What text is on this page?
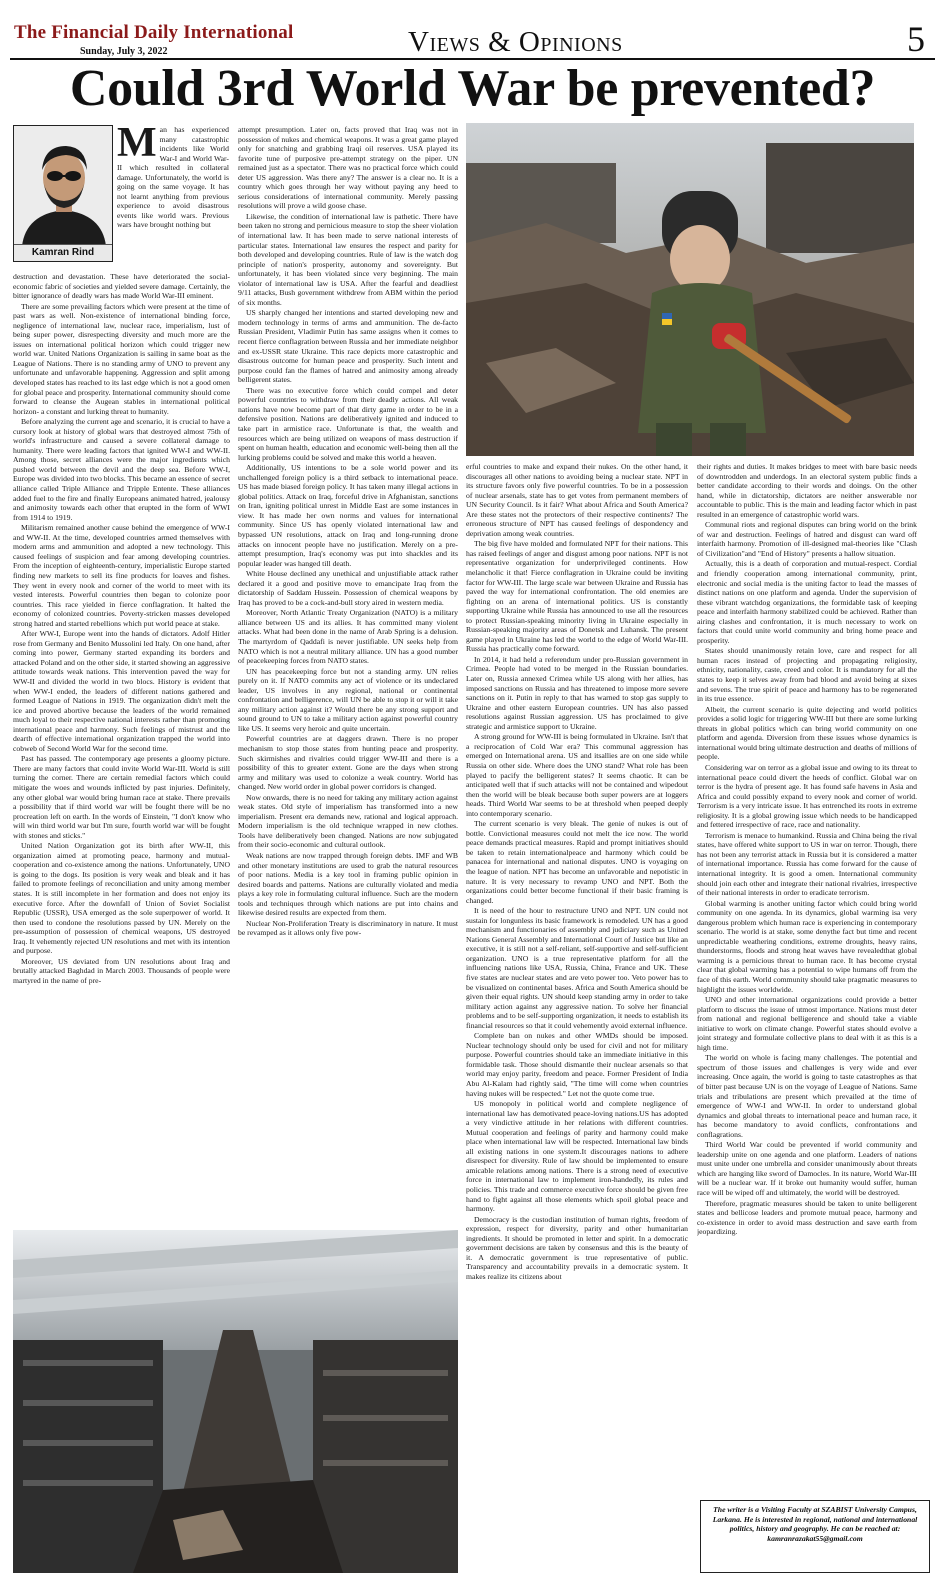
The Financial Daily International
Sunday, July 3, 2022	Views & Opinions	5
Could 3rd World War be prevented?
Kamran Rind
Man has experienced many catastrophic incidents like World War-I and World War-II which resulted in collateral damage. Unfortunately, the world is going on the same voyage. It has not learnt anything from previous experience to avoid disastrous events like world wars. Previous wars have brought nothing but

destruction and devastation. These have deteriorated the social-economic fabric of societies and yielded severe damage. Certainly, the bitter ignorance of deadly wars has made World War-III eminent.

There are some prevailing factors which were present at the time of past wars as well. Non-existence of international binding force, negligence of international law, nuclear race, imperialism, lust of being super power, disrespecting diversity and much more are the issues on international political horizon which could trigger new world war. United Nations Organization is sailing in same boat as the League of Nations. There is no standing army of UNO to prevent any unfortunate and unfavorable happening. Aggression and split among developed states has reached to its last edge which is not a good omen for global peace and prosperity. International community should come forward to cleanse the Augean stables in international political horizon- a constant and lurking threat to humanity.

Before analyzing the current age and scenario, it is crucial to have a cursory look at history of global wars that destroyed almost 75th of world's infrastructure and caused a severe collateral damage to humanity. There were leading factors that ignited WW-I and WW-II. Among those, secret alliances were the major ingredients which pushed world between the devil and the deep sea. Before WW-I, Europe was divided into two blocks. This became an essence of secret alliance called Triple Alliance and Tripple Entente. These alliances added fuel to the fire and finally Europeans animated hatred, jealousy and animosity towards each other that erupted in the form of WWI from 1914 to 1919.

Militarism remained another cause behind the emergence of WW-I and WW-II. At the time, developed countries armed themselves with modern arms and ammunition and adopted a new technology. This caused feelings of suspicion and fear among developing countries. From the inception of eighteenth-century, imperialistic Europe started finding new markets to sell its fine products for loaves and fishes. They went in every nook and corner of the world to meet with its vested interests. Powerful countries then began to colonize poor countries. This race yielded in fierce conflagration. It halted the economy of colonized countries. Poverty-stricken masses developed strong hatred and started rebellions which put world peace at stake.

After WW-I, Europe went into the hands of dictators. Adolf Hitler rose from Germany and Benito Mussolini led Italy. On one hand, after coming into power, Germany started expanding its borders and attacked Poland and on the other side, it started showing an aggressive attitude towards weak nations. This intervention paved the way for WW-II and divided the world in two blocs. History is evident that when WW-I ended, the leaders of different nations gathered and formed League of Nations in 1919. The organization didn't melt the ice and proved abortive because the leaders of the world remained much loyal to their respective national interests rather than promoting international peace and harmony. Such feelings of mistrust and the dearth of effective international organization trapped the world into cobweb of Second World War for the second time.

Past has passed. The contemporary age presents a gloomy picture. There are many factors that could invite World War-III. World is still turning the corner. There are certain remedial factors which could mitigate the woes and wounds inflicted by past injuries. Definitely, any other global war would bring human race at stake. There prevails a possibility that if third world war will be fought there will be no procreation left on earth. In the words of Einstein, "I don't know who will win third world war but I'm sure, fourth world war will be fought with stones and sticks."

United Nation Organization got its birth after WW-II, this organization aimed at promoting peace, harmony and mutual-cooperation and co-existence among the nations. Unfortunately, UNO is going to the dogs. Its position is very weak and bleak and it has failed to promote feelings of reconciliation and unity among member states. It is still incomplete in her formation and does not enjoy its executive force. After the downfall of Union of Soviet Socialist Republic (USSR), USA emerged as the sole superpower of world. It then used to condone the resolutions passed by UN. Merely on the pre-assumption of possession of chemical weapons, US destroyed Iraq. It vehemently rejected UN resolutions and met with its intention and purpose.

Moreover, US deviated from UN resolutions about Iraq and brutally attacked Baghdad in March 2003. Thousands of people were martyred in the name of pre-

attempt presumption. Later on, facts proved that Iraq was not in possession of nukes and chemical weapons. It was a great game played only for snatching and grabbing Iraqi oil reserves. USA played its favorite tune of purposive pre-attempt strategy on the piper. UN remained just as a spectator. There was no practical force which could deter US aggression. Was there any? The answer is a clear no. It is a country which goes through her way without paying any heed to serious considerations of international community. Merely passing resolutions will prove a wild goose chase.

Likewise, the condition of international law is pathetic. There have been taken no strong and pernicious measure to stop the sheer violation of international law. It has been made to serve national interests of particular states. International law ensures the respect and parity for both developed and developing countries. Rule of law is the watch dog principle of nation's prosperity, autonomy and sovereignty. But unfortunately, it has been violated since very beginning. The main violator of international law is USA. After the fearful and deadliest 9/11 attacks, Bush government withdrew from ABM within the period of six months.

US sharply changed her intentions and started developing new and modern technology in terms of arms and ammunition. The de-facto Russian President, Vladimir Putin has same assigns when it comes to recent fierce conflagration between Russia and her immediate neighbor and ex-USSR state Ukraine. This race depicts more catastrophic and disastrous outcome for human peace and prosperity. Such intent and purpose could fan the flames of hatred and animosity among already belligerent states.

There was no executive force which could compel and deter powerful countries to withdraw from their deadly actions. All weak nations have now become part of that dirty game in order to be in a defensive position. Nations are deliberatively ignited and induced to take part in armistice race. Unfortunate is that, the wealth and resources which are being utilized on weapons of mass destruction if spent on human health, education and economic well-being then all the lurking problems could be solved and make this world a heaven.

Additionally, US intentions to be a sole world power and its unchallenged foreign policy is a third setback to international peace. US has made biased foreign policy. It has taken many illegal actions in global politics. Attack on Iraq, forceful drive in Afghanistan, sanctions on Iran, igniting political unrest in Middle East are some instances in view. It has made her own norms and values for international community. Since US has openly violated international law and bypassed UN resolutions, attack on Iraq and long-running drone attacks on innocent people have no justification. Merely on a pre-attempt presumption, Iraq's economy was put into shackles and its popular leader was hanged till death.

White House declined any unethical and unjustifiable attack rather declared it a good and positive move to emancipate Iraq from the dictatorship of Saddam Hussein. Possession of chemical weapons by Iraq has proved to be a cock-and-bull story aired in western media.

Moreover, North Atlantic Treaty Organization (NATO) is a military alliance between US and its allies. It has committed many violent attacks. What had been done in the name of Arab Spring is a delusion. The martyrdom of Qaddafi is never justifiable. UN seeks help from NATO which is not a neutral military alliance. UN has a good number of peacekeeping forces from NATO states.

UN has peacekeeping force but not a standing army. UN relies purely on it. If NATO commits any act of violence or its undeclared leader, US involves in any regional, national or continental confrontation and belligerence, will UN be able to stop it or will it take any military action against it? Would there be any strong support and sound ground to UN to take a military action against powerful country like US. It seems very heroic and quite uncertain.

Powerful countries are at daggers drawn. There is no proper mechanism to stop those states from hunting peace and prosperity. Such skirmishes and rivalries could trigger WW-III and there is a possibility of this to greater extent. Gone are the days when strong army and military was used to colonize a weak country. World has changed. New world order in global power corridors is changed.

Now onwards, there is no need for taking any military action against weak states. Old style of imperialism has transformed into a new imperialism. Present era demands new, rational and logical approach. Modern imperialism is the old technique wrapped in new clothes. Tools have deliberatively been changed. Nations are now subjugated from their socio-economic and cultural outlook.

Weak nations are now trapped through foreign debts. IMF and WB and other monetary institutions are used to grab the natural resources of poor nations. Media is a key tool in framing public opinion in desired boards and patterns. Nations are culturally violated and media plays a key role in formulating cultural influence. Such are the modern tools and techniques through which nations are put into chains and likewise desired results are expected from them.

Nuclear Non-Proliferation Treaty is discriminatory in nature. It must be revamped as it allows only five pow-

erful countries to make and expand their nukes. On the other hand, it discourages all other nations to avoiding being a nuclear state. NPT in its structure favors only five powerful countries. To be in a possession of nuclear arsenals, state has to get votes from permanent members of UN Security Council. Is it fair? What about Africa and South America? Are these states not the protectors of their respective continents? The erroneous structure of NPT has caused feelings of despondency and deprivation among weak countries.

The big five have molded and formulated NPT for their nations. This has raised feelings of anger and disgust among poor nations. NPT is not representative organization for underprivileged continents. How melancholic it that! Fierce conflagration in Ukraine could be inviting factor for WW-III. The large scale war between Ukraine and Russia has paved the way for international confrontation. The old enemies are fighting on an arena of international politics. US is constantly supporting Ukraine while Russia has announced to use all the resources to protect Russian-speaking minority living in Ukraine especially in Russian-speaking majority areas of Donetsk and Luhansk. The present game played in Ukraine has led the world to the edge of World War-III. Russia has practically come forward.

In 2014, it had held a referendum under pro-Russian government in Crimea. People had voted to be merged in the Russian boundaries. Later on, Russia annexed Crimea while US along with her allies, has imposed sanctions on Russia and has threatened to impose more severe sanctions on it. Putin in reply to that has warned to stop gas supply to Ukraine and other eastern European countries. UN has also passed resolutions against Russian aggression. US has proclaimed to give strategic and armistice support to Ukraine.

A strong ground for WW-III is being formulated in Ukraine. Isn't that a reciprocation of Cold War era? This communal aggression has emerged on International arena. US and itsallies are on one side while Russia on other side. Where does the UNO stand? What role has been played to pacify the belligerent states? It seems chaotic. It can be anticipated well that if such attacks will not be contained and wipedout then the world will be bleak because both super powers are at loggers heads. Third World War seems to be at threshold when peeped deeply into contemporary scenario.

The current scenario is very bleak. The genie of nukes is out of bottle. Convictional measures could not melt the ice now. The world peace demands practical measures. Rapid and prompt initiatives should be taken to retain internationalpeace and harmony which could be panacea for international and national disputes. UNO is voyaging on the league of nation. NPT has become an unfavorable and nepotistic in nature. It is very necessary to revamp UNO and NPT. Both the organizations could better become functional if their basic framing is changed.

It is need of the hour to restructure UNO and NPT. UN could not sustain for longunless its basic framework is remodeled. UN has a good mechanism and functionaries of assembly and judiciary such as United Nations General Assembly and International Court of Justice but like an executive, it is still not a self-reliant, self-supportive and self-sufficient organization. UNO is a true representative platform for all the influencing nations like USA, Russia, China, France and UK. These five states are nuclear states and are veto power too. Veto power has to be visualized on continental bases. Africa and South America should be given their equal rights. UN should keep standing army in order to take military action against any aggressive nation. To solve her financial problems and to be self-supporting organization, it needs to establish its financial resources so that it could vehemently avoid external influence.

Complete ban on nukes and other WMDs should be imposed. Nuclear technology should only be used for civil and not for military purpose. Powerful countries should take an immediate initiative in this formidable task. Those should dismantle their nuclear arsenals so that world may enjoy parity, freedom and peace. Former President of India Abu Al-Kalam had rightly said, "The time will come when countries having nukes will be respected." Let not the quote come true.

US monopoly in political world and complete negligence of international law has demotivated peace-loving nations.US has adopted a very vindictive attitude in her relations with different countries. Mutual cooperation and feelings of parity and harmony could make place when international law will be respected. International law binds all existing nations in one system.It discourages nations to adhere disrespect for diversity. Rule of law should be implemented to ensure amicable relations among nations. There is a strong need of executive force in international law to implement iron-handedly, its rules and policies. This trade and commerce executive force should be given free hand to fight against all those elements which spoil global peace and harmony.

Democracy is the custodian institution of human rights, freedom of expression, respect for diversity, parity and other humanitarian ingredients. It should be promoted in letter and spirit. In a democratic government decisions are taken by consensus and this is the beauty of it. A democratic government is true representative of public. Transparency and accountability prevails in a democratic system. It makes realize its citizens about

their rights and duties. It makes bridges to meet with bare basic needs of downtrodden and underdogs. In an electoral system public finds a better candidate according to their words and doings. On the other hand, while in dictatorship, dictators are neither answerable nor accountable to public. This is the main and leading factor which in past resulted in an emergence of catastrophic world wars.

Communal riots and regional disputes can bring world on the brink of war and destruction. Feelings of hatred and disgust can ward off interfaith harmony. Promotion of ill-designed mal-theories like "Clash of Civilization"and "End of History" presents a hallow situation.

Actually, this is a death of corporation and mutual-respect. Cordial and friendly cooperation among international community, print, electronic and social media is the uniting factor to lead the masses of distinct nations on one platform and agenda. Under the supervision of these vibrant watchdog organizations, the formidable task of keeping peace and interfaith harmony stabilized could be achieved. Rather than airing clashes and confrontation, it is much necessary to work on factors that could unite world community and bring home peace and prosperity.

States should unanimously retain love, care and respect for all human races instead of projecting and propagating religiosity, ethnicity, nationality, caste, creed and color. It is mandatory for all the states to keep it selves away from bad blood and avoid being at sixes and sevens. The true spirit of peace and harmony has to be regenerated in its true essence.

Albeit, the current scenario is quite dejecting and world politics provides a solid logic for triggering WW-III but there are some lurking threats in global politics which can bring world community on one platform and agenda. Diversion from these issues whose dynamics is international would bring ultimate destruction and deaths of millions of people.

Considering war on terror as a global issue and owing to its threat to international peace could divert the heeds of conflict. Global war on terror is the hydra of present age. It has found safe havens in Asia and Africa and could possibly expand to every nook and corner of world. Terrorism is a very intricate issue. It has entrenched its roots in extreme religiosity. It is a global growing issue which needs to be handicapped and fettered irrespective of race, race and nationality.

Terrorism is menace to humankind. Russia and China being the rival states, have offered white support to US in war on terror. Though, there has not been any terrorist attack in Russia but it is considered a matter of international importance. Russia has come forward for the cause of international integrity. It is good a omen. International community should join each other and integrate their national rivalries, irrespective of their national interests in order to eradicate terrorism.

Global warming is another uniting factor which could bring world community on one agenda. In its dynamics, global warming isa very dangerous problem which human race is experiencing in contemporary scenario. The world is at stake, some denythe fact but time and recent unpredictable weathering conditions, extreme droughts, heavy rains, thunderstorms, floods and strong heat waves have revealedthat global warming is a pernicious threat to human race. It has become crystal clear that global warming has a potential to wipe humans off from the face of this earth. World community should take pragmatic measures to highlight the issues worldwide.

UNO and other international organizations could provide a better platform to discuss the issue of utmost importance. Nations must deter from national and regional belligerence and should take a viable initiative to work on climate change. Powerful states should evolve a joint strategy and formulate collective plans to deal with it as this is a high time.

The world on whole is facing many challenges. The potential and spectrum of those issues and challenges is very wide and ever increasing. Once again, the world is going to taste catastrophes as that of bitter past because UN is on the voyage of League of Nations. Same trials and tribulations are present which prevailed at the time of emergence of WW-I and WW-II. In order to understand global dynamics and global threats to international peace and human race, it has become mandatory to avoid conflicts, confrontations and conflagrations.

Third World War could be prevented if world community and leadership unite on one agenda and one platform. Leaders of nations must unite under one umbrella and consider unanimously about threats which are hanging like sword of Damocles. In its nature, World War-III will be a nuclear war. If it broke out humanity would suffer, human race will be wiped off and ultimately, the world will be destroyed.

Therefore, pragmatic measures should be taken to unite belligerent states and bellicose leaders and promote mutual peace, harmony and co-existence in order to avoid mass destruction and save earth from jeopardizing.

The writer is a Visiting Faculty at SZABIST University Campus, Larkana. He is interested in regional, national and international politics, history and geography. He can be reached at: kamranrazakat55@gmail.com
